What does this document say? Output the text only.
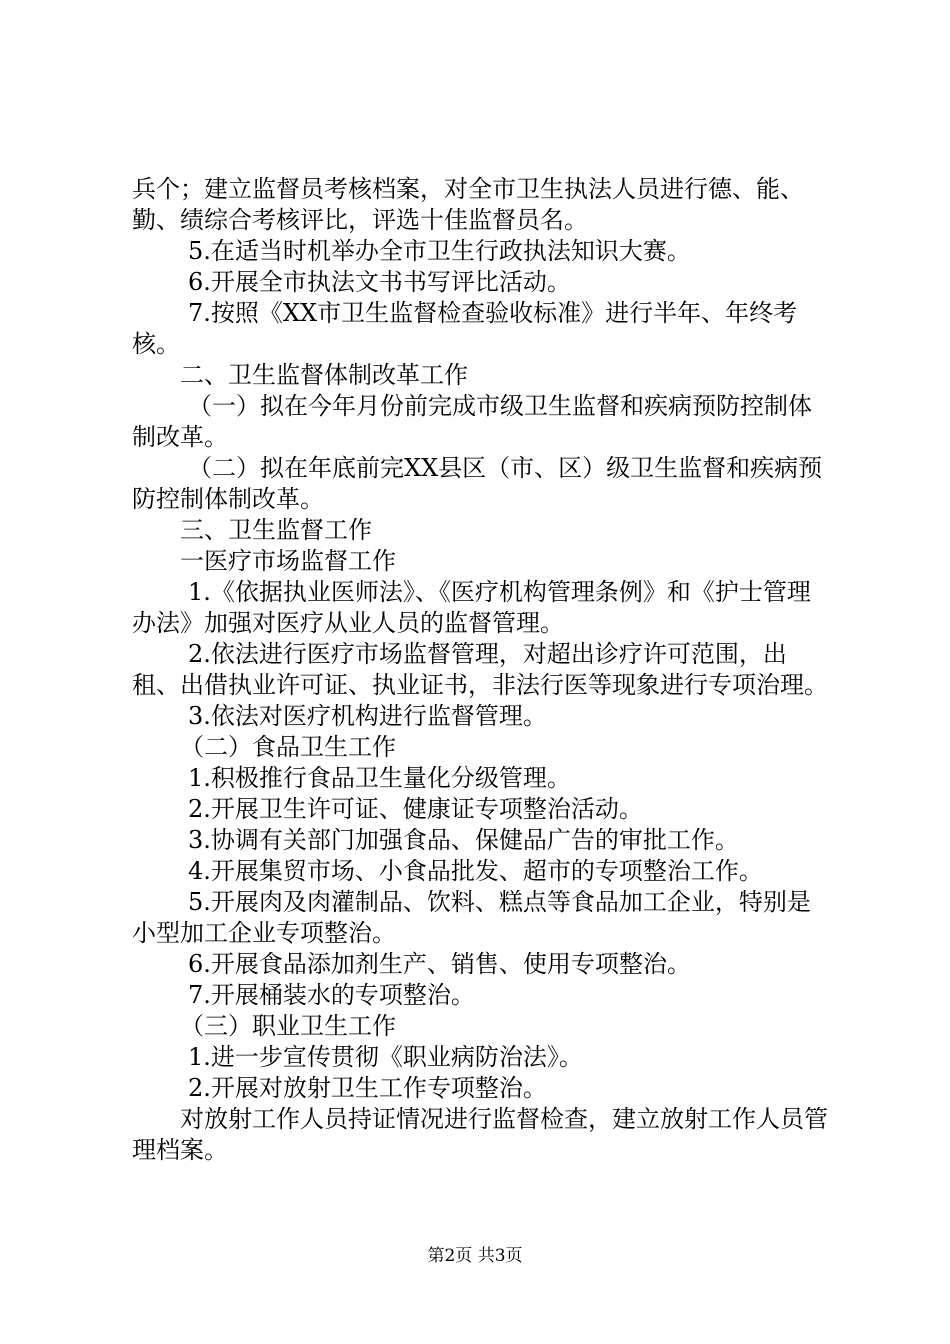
兵个；建立监督员考核档案，对全市卫生执法人员进行德、能、勤、绩综合考核评比，评选十佳监督员名。

5.在适当时机举办全市卫生行政执法知识大赛。

6.开展全市执法文书书写评比活动。

7.按照《XX市卫生监督检查验收标准》进行半年、年终考核。

二、卫生监督体制改革工作

（一）拟在今年月份前完成市级卫生监督和疾病预防控制体制改革。

（二）拟在年底前完XX县区（市、区）级卫生监督和疾病预防控制体制改革。

三、卫生监督工作

一医疗市场监督工作

1.《依据执业医师法》、《医疗机构管理条例》和《护士管理办法》加强对医疗从业人员的监督管理。

2.依法进行医疗市场监督管理，对超出诊疗许可范围，出租、出借执业许可证、执业证书，非法行医等现象进行专项治理。

3.依法对医疗机构进行监督管理。

（二）食品卫生工作

1.积极推行食品卫生量化分级管理。

2.开展卫生许可证、健康证专项整治活动。

3.协调有关部门加强食品、保健品广告的审批工作。

4.开展集贸市场、小食品批发、超市的专项整治工作。

5.开展肉及肉灌制品、饮料、糕点等食品加工企业，特别是小型加工企业专项整治。

6.开展食品添加剂生产、销售、使用专项整治。

7.开展桶装水的专项整治。

（三）职业卫生工作

1.进一步宣传贯彻《职业病防治法》。

2.开展对放射卫生工作专项整治。

对放射工作人员持证情况进行监督检查，建立放射工作人员管理档案。

第2页 共3页
